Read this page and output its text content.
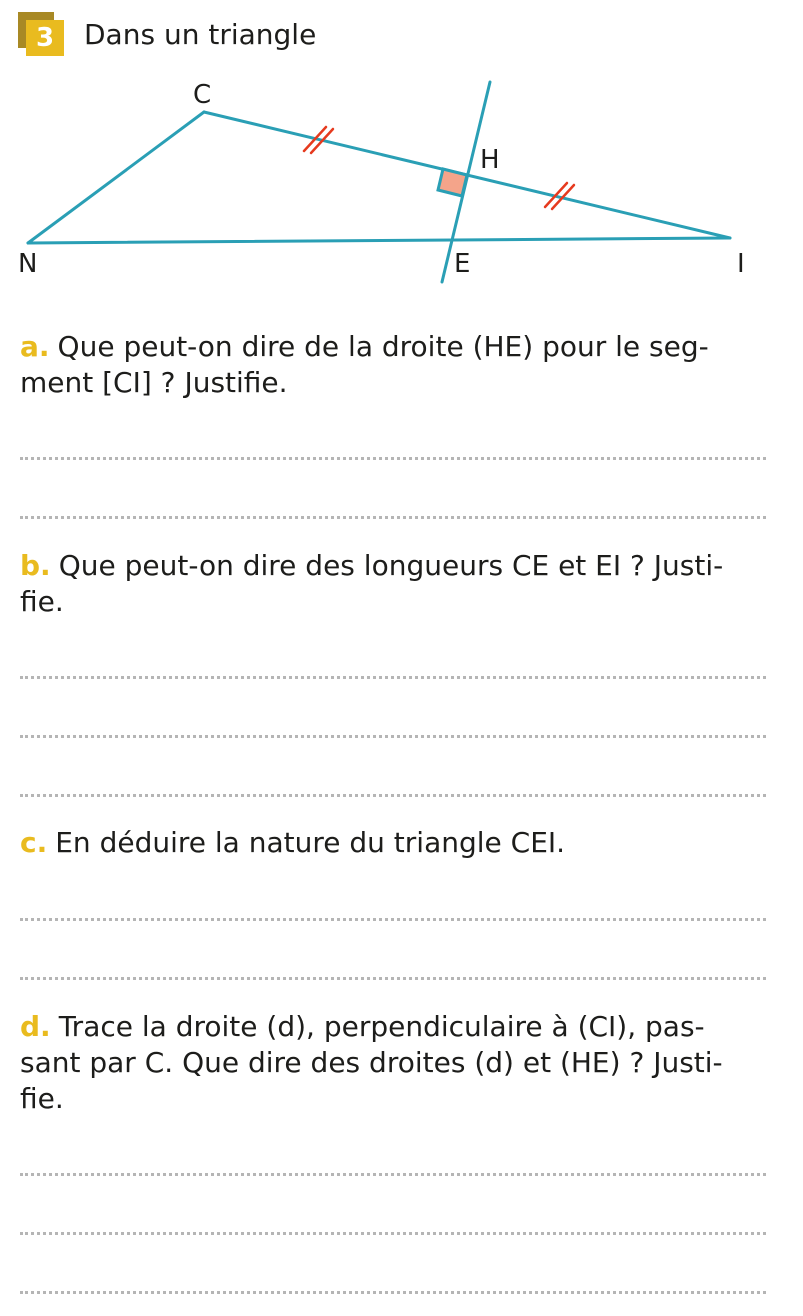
3	Dans un triangle
C
H
N	E	I
a. Que peut-on dire de la droite (HE) pour le seg-
ment [CI] ? Justifie.
b. Que peut-on dire des longueurs CE et EI ? Justi-
fie.
c. En déduire la nature du triangle CEI.
d. Trace la droite (d), perpendiculaire à (CI), pas-
sant par C. Que dire des droites (d) et (HE) ? Justi-
fie.
